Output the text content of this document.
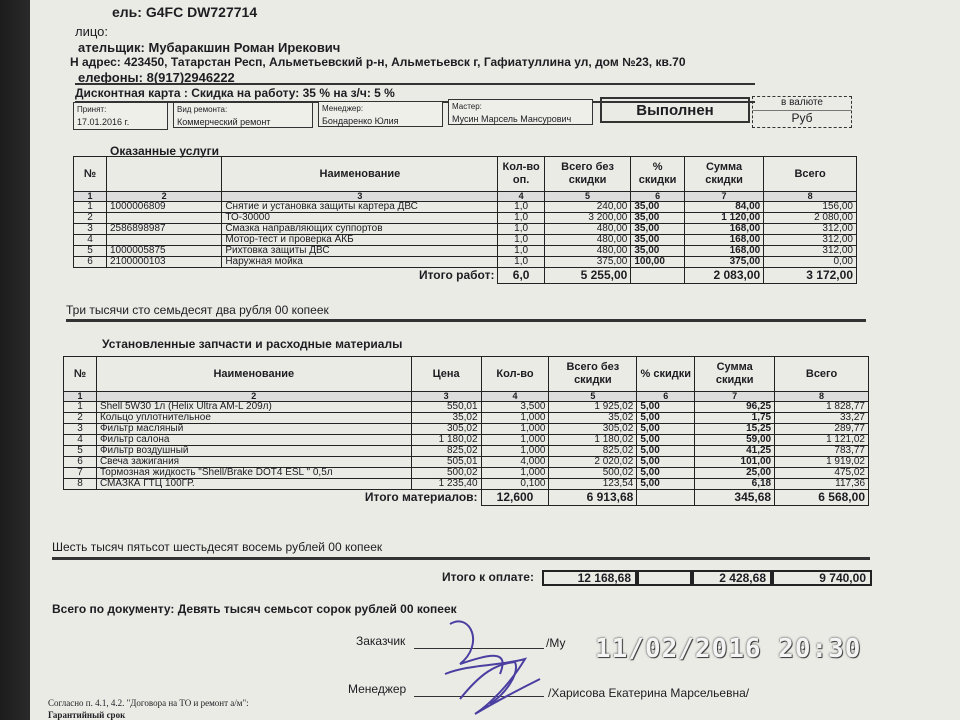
ель: G4FC DW727714
лицо:
ательщик: Мубаракшин Роман Ирекович
Н адрес: 423450, Татарстан Респ, Альметьевский р-н, Альметьевск г, Гафиатуллина ул, дом №23, кв.70
елефоны: 8(917)2946222
Дисконтная карта : Скидка на работу: 35 % на з/ч: 5 %
Принят:
17.01.2016 г.
Вид ремонта:
Коммерческий ремонт
Менеджер:
Бондаренко Юлия
Мастер:
Мусин Марсель Мансурович	Выполнен	в валюте
Руб
Оказанные услуги
№		Наименование	Кол-во оп.	Всего без скидки	% скидки	Сумма скидки	Всего
1	2	3	4	5	6	7	8
1	1000006809	Снятие и установка защиты картера ДВС	1,0	240,00	35,00	84,00	156,00
2		ТО-30000	1,0	3 200,00	35,00	1 120,00	2 080,00
3	2586898987	Смазка направляющих суппортов	1,0	480,00	35,00	168,00	312,00
4		Мотор-тест и проверка АКБ	1,0	480,00	35,00	168,00	312,00
5	1000005875	Рихтовка защиты ДВС	1,0	480,00	35,00	168,00	312,00
6	2100000103	Наружная мойка	1,0	375,00	100,00	375,00	0,00
Итого работ:			6,0	5 255,00		2 083,00	3 172,00
Три тысячи сто семьдесят два рубля 00 копеек
Установленные запчасти и расходные материалы
№	Наименование	Цена	Кол-во	Всего без скидки	% скидки	Сумма скидки	Всего
1	2	3	4	5	6	7	8
1	Shell 5W30 1л (Helix Ultra AM-L 209л)	550,01	3,500	1 925,02	5,00	96,25	1 828,77
2	Кольцо уплотнительное	35,02	1,000	35,02	5,00	1,75	33,27
3	Фильтр масляный	305,02	1,000	305,02	5,00	15,25	289,77
4	Фильтр салона	1 180,02	1,000	1 180,02	5,00	59,00	1 121,02
5	Фильтр воздушный	825,02	1,000	825,02	5,00	41,25	783,77
6	Свеча зажигания	505,01	4,000	2 020,02	5,00	101,00	1 919,02
7	Тормозная жидкость "Shell/Brake DOT4 ESL " 0,5л	500,02	1,000	500,02	5,00	25,00	475,02
8	СМАЗКА ГТЦ 100ГР.	1 235,40	0,100	123,54	5,00	6,18	117,36
Итого материалов:			12,600	6 913,68		345,68	6 568,00
Шесть тысяч пятьсот шестьдесят восемь рублей 00 копеек
Итого к оплате:	12 168,68	2 428,68	9 740,00
Всего по документу: Девять тысяч семьсот сорок рублей 00 копеек
Заказчик	/Му
Менеджер	/Харисова Екатерина Марсельевна/
11/02/2016 20:30
Согласно п. 4.1, 4.2. "Договора на ТО и ремонт а/м":
Гарантийный срок
